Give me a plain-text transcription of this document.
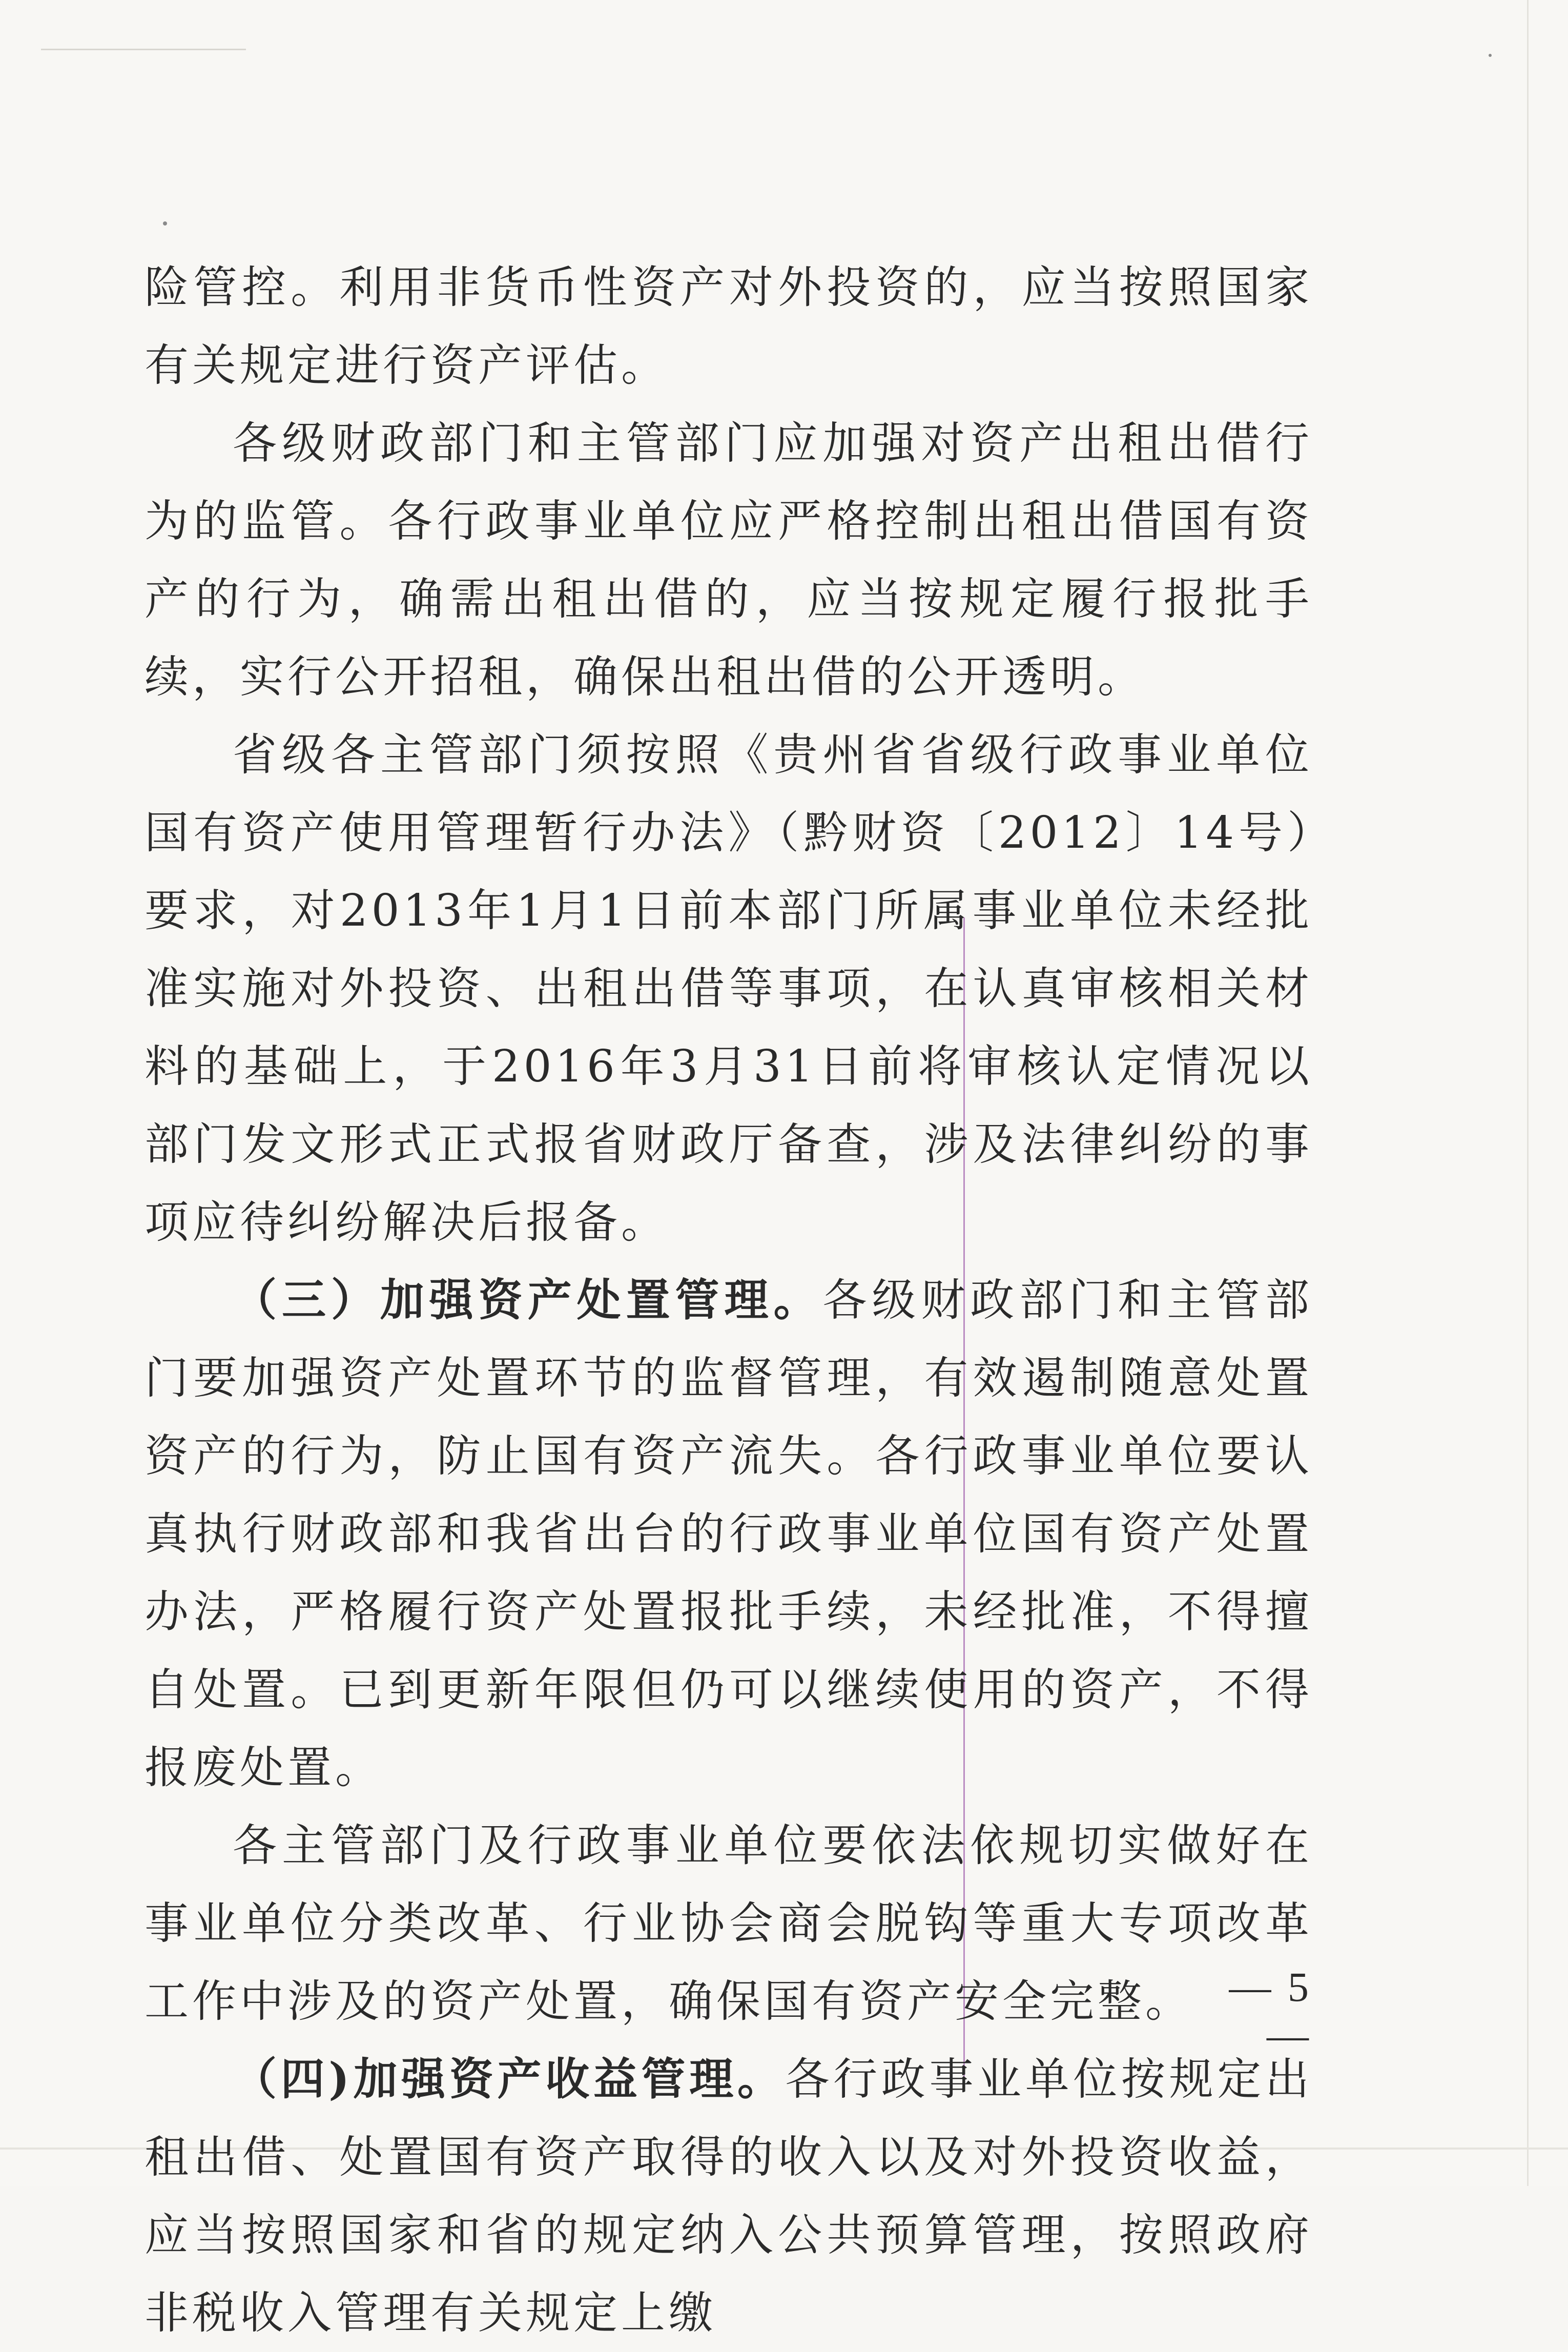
险管控。利用非货币性资产对外投资的，应当按照国家有关规定进行资产评估。

各级财政部门和主管部门应加强对资产出租出借行为的监管。各行政事业单位应严格控制出租出借国有资产的行为，确需出租出借的，应当按规定履行报批手续，实行公开招租，确保出租出借的公开透明。

省级各主管部门须按照《贵州省省级行政事业单位国有资产使用管理暂行办法》（黔财资〔2012〕14号）要求，对2013年1月1日前本部门所属事业单位未经批准实施对外投资、出租出借等事项，在认真审核相关材料的基础上，于2016年3月31日前将审核认定情况以部门发文形式正式报省财政厅备查，涉及法律纠纷的事项应待纠纷解决后报备。

（三）加强资产处置管理。各级财政部门和主管部门要加强资产处置环节的监督管理，有效遏制随意处置资产的行为，防止国有资产流失。各行政事业单位要认真执行财政部和我省出台的行政事业单位国有资产处置办法，严格履行资产处置报批手续，未经批准，不得擅自处置。已到更新年限但仍可以继续使用的资产，不得报废处置。

各主管部门及行政事业单位要依法依规切实做好在事业单位分类改革、行业协会商会脱钩等重大专项改革工作中涉及的资产处置，确保国有资产安全完整。

（四)加强资产收益管理。各行政事业单位按规定出租出借、处置国有资产取得的收入以及对外投资收益，应当按照国家和省的规定纳入公共预算管理，按照政府非税收入管理有关规定上缴

— 5 —
